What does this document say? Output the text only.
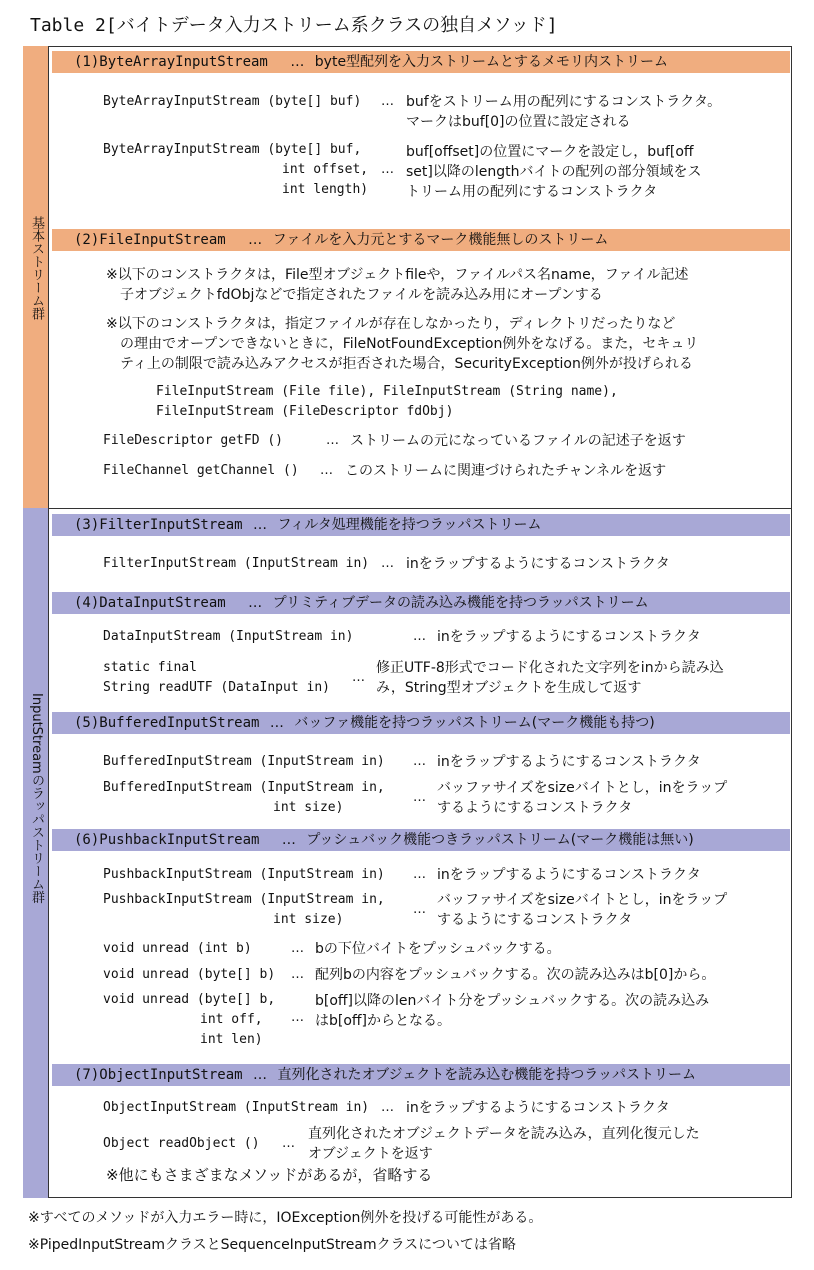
Table 2[バイトデータ入力ストリーム系クラスの独自メソッド]
基本ストリーム群
InputStreamのラッパストリーム群
(1)ByteArrayInputStream … byte型配列を入力ストリームとするメモリ内ストリーム
ByteArrayInputStream (byte[] buf) … bufをストリーム用の配列にするコンストラクタ。
マークはbuf[0]の位置に設定される
ByteArrayInputStream (byte[] buf,
int offset,
int length)
…
buf[offset]の位置にマークを設定し，buf[off
set]以降のlengthバイトの配列の部分領域をス
トリーム用の配列にするコンストラクタ
(2)FileInputStream … ファイルを入力元とするマーク機能無しのストリーム
※以下のコンストラクタは，File型オブジェクトfileや，ファイルパス名name，ファイル記述
子オブジェクトfdObjなどで指定されたファイルを読み込み用にオープンする
※以下のコンストラクタは，指定ファイルが存在しなかったり，ディレクトリだったりなど
の理由でオープンできないときに，FileNotFoundException例外をなげる。また，セキュリ
ティ上の制限で読み込みアクセスが拒否された場合，SecurityException例外が投げられる
FileInputStream (File file), FileInputStream (String name),
FileInputStream (FileDescriptor fdObj)
FileDescriptor getFD ()	… ストリームの元になっているファイルの記述子を返す
FileChannel getChannel () … このストリームに関連づけられたチャンネルを返す
(3)FilterInputStream … フィルタ処理機能を持つラッパストリーム
FilterInputStream (InputStream in) … inをラップするようにするコンストラクタ
(4)DataInputStream … プリミティブデータの読み込み機能を持つラッパストリーム
DataInputStream (InputStream in)	… inをラップするようにするコンストラクタ
static final
String readUTF (DataInput in)
…
修正UTF-8形式でコード化された文字列をinから読み込
み，String型オブジェクトを生成して返す
(5)BufferedInputStream … バッファ機能を持つラッパストリーム(マーク機能も持つ)
BufferedInputStream (InputStream in) … inをラップするようにするコンストラクタ
BufferedInputStream (InputStream in,
int size)
…
バッファサイズをsizeバイトとし，inをラップ
するようにするコンストラクタ
(6)PushbackInputStream … プッシュバック機能つきラッパストリーム(マーク機能は無い)
PushbackInputStream (InputStream in) … inをラップするようにするコンストラクタ
PushbackInputStream (InputStream in,
int size)
…
バッファサイズをsizeバイトとし，inをラップ
するようにするコンストラクタ
void unread (int b)	… bの下位バイトをプッシュバックする。
void unread (byte[] b) … 配列bの内容をプッシュバックする。次の読み込みはb[0]から。
void unread (byte[] b,
int off,
int len)
…
b[off]以降のlenバイト分をプッシュバックする。次の読み込み
はb[off]からとなる。
(7)ObjectInputStream … 直列化されたオブジェクトを読み込む機能を持つラッパストリーム
ObjectInputStream (InputStream in) … inをラップするようにするコンストラクタ
Object readObject () …
直列化されたオブジェクトデータを読み込み，直列化復元した
オブジェクトを返す
※他にもさまざまなメソッドがあるが，省略する
※すべてのメソッドが入力エラー時に，IOException例外を投げる可能性がある。
※PipedInputStreamクラスとSequenceInputStreamクラスについては省略
